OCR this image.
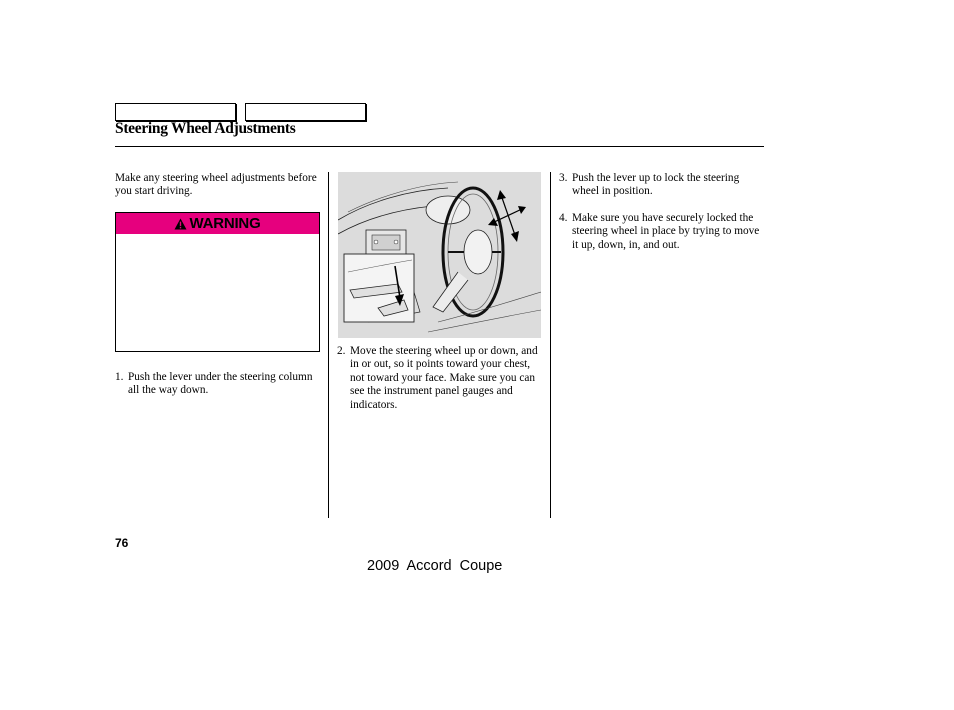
Steering Wheel Adjustments

Make any steering wheel adjustments before you start driving.

WARNING
1. Push the lever under the steering column all the way down.
2. Move the steering wheel up or down, and in or out, so it points toward your chest, not toward your face. Make sure you can see the instrument panel gauges and indicators.
3. Push the lever up to lock the steering wheel in position.
4. Make sure you have securely locked the steering wheel in place by trying to move it up, down, in, and out.
76
2009 Accord Coupe
